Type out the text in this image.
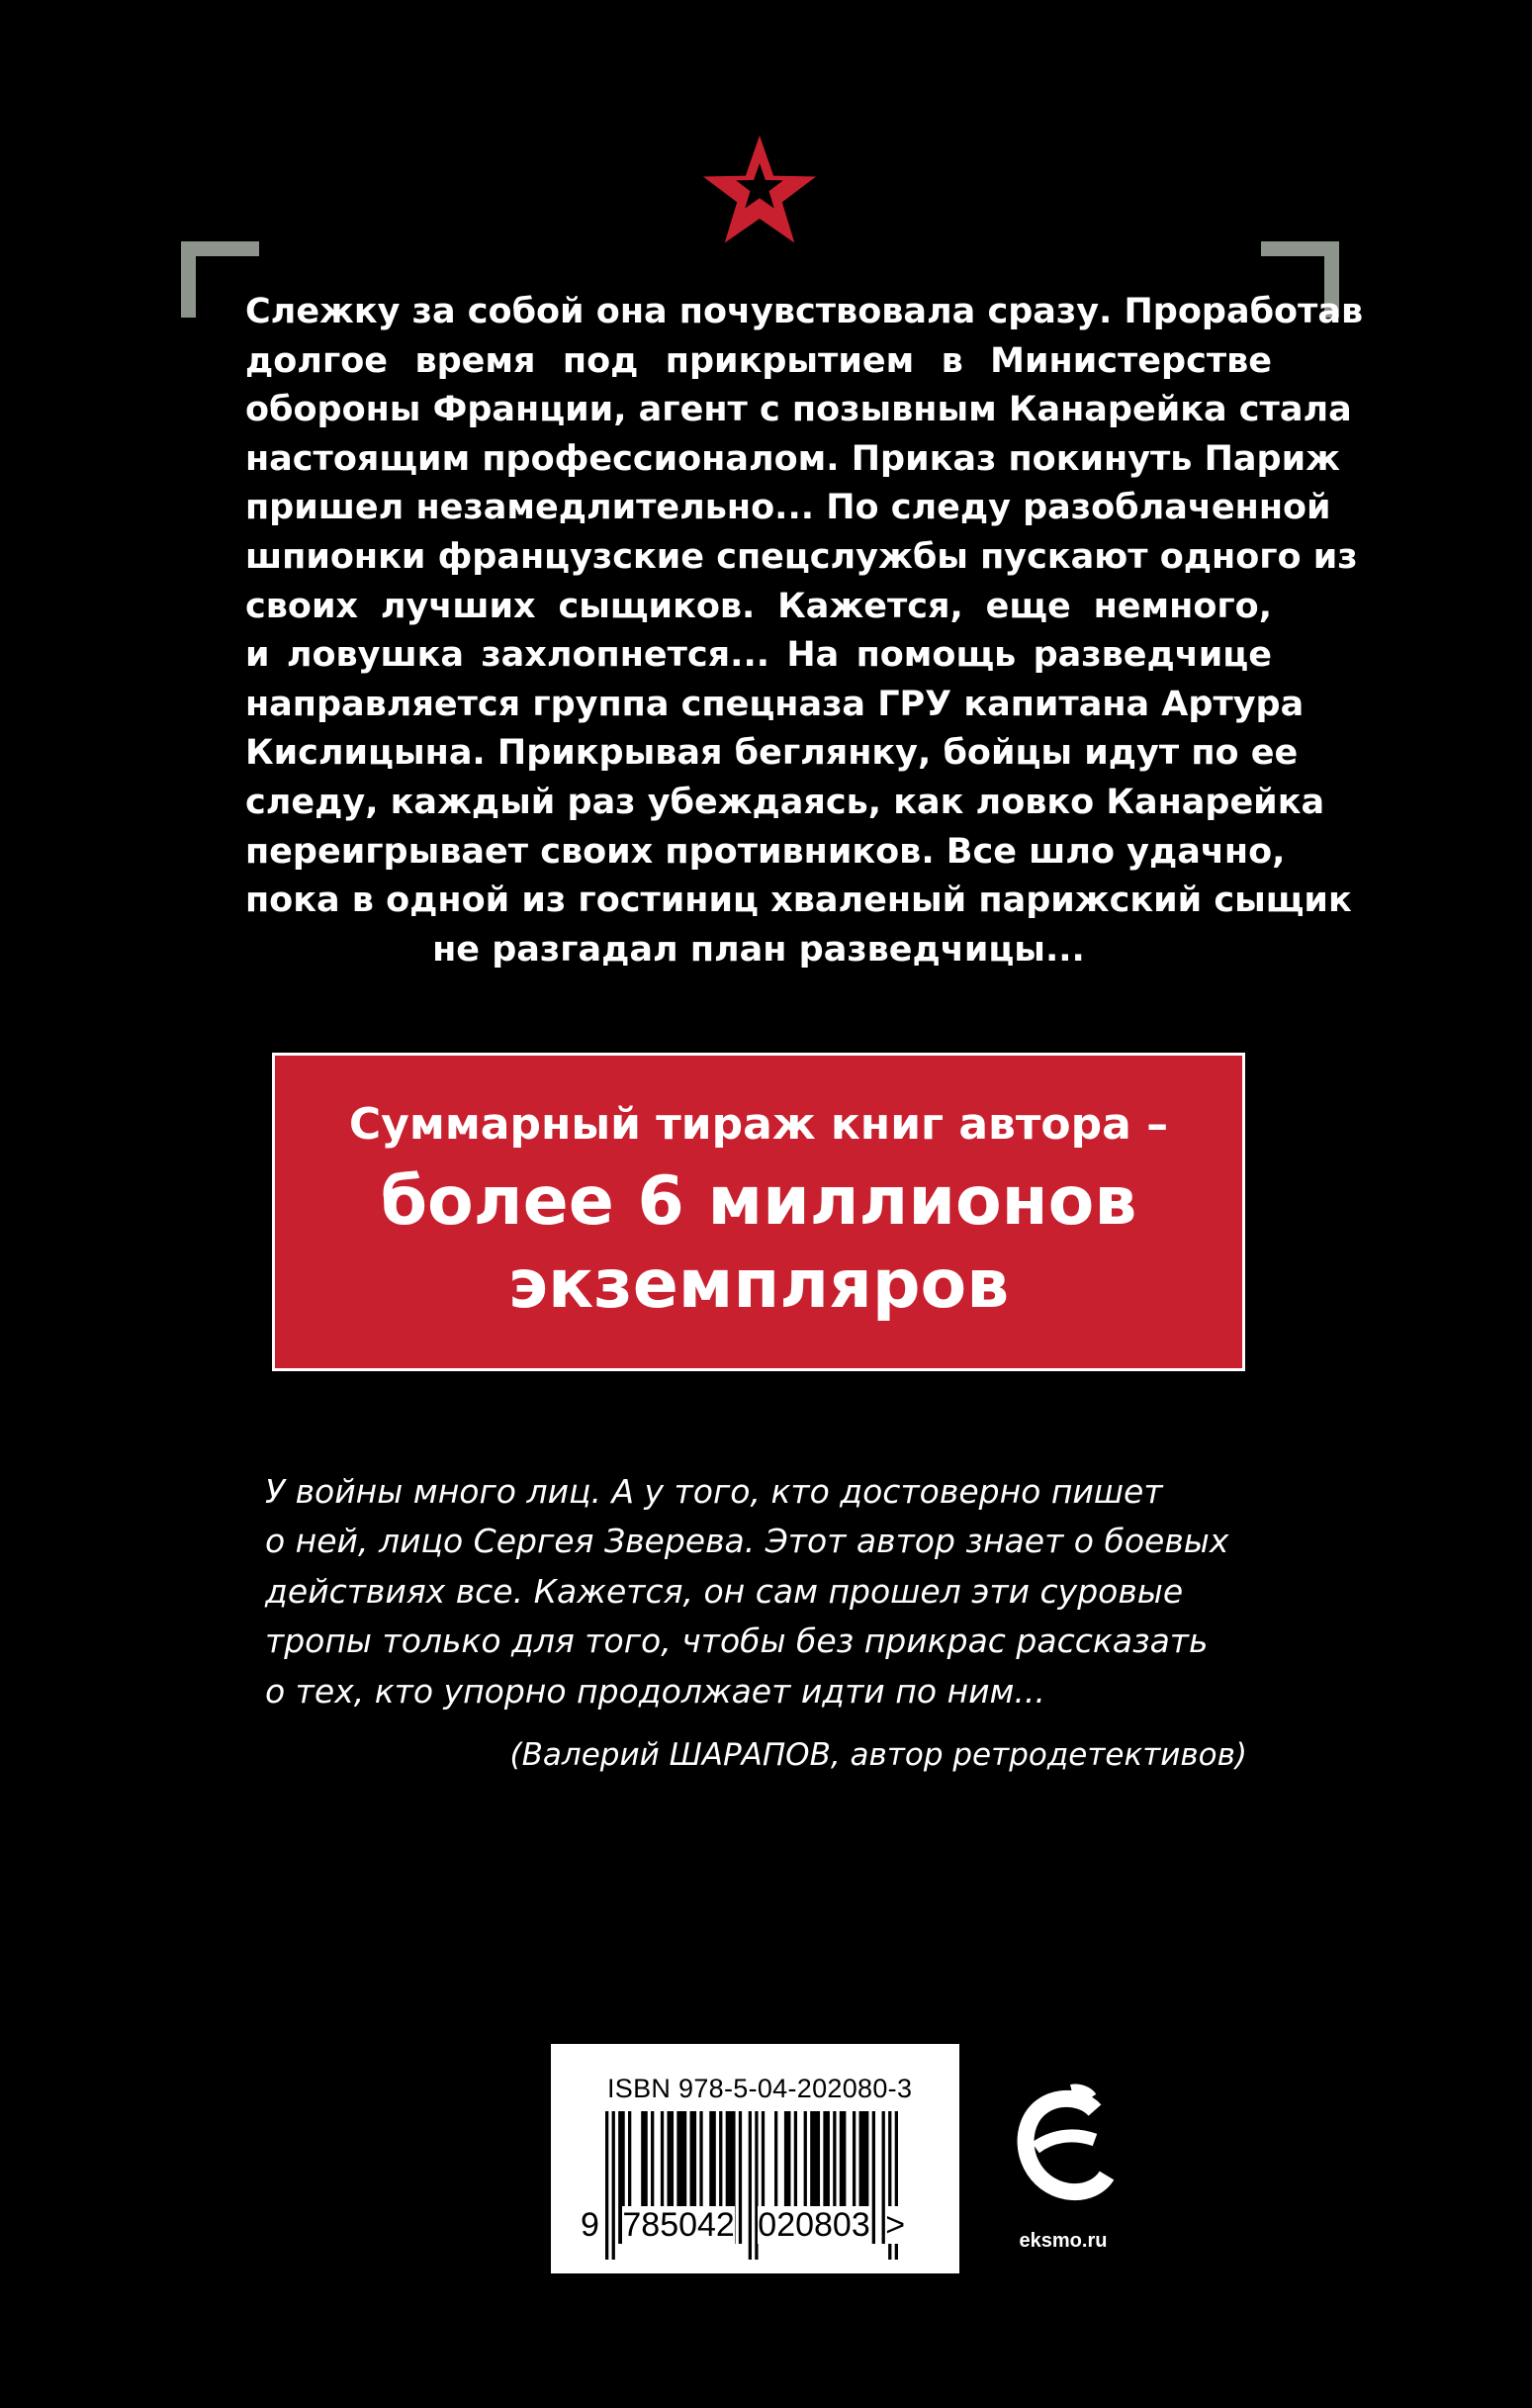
Слежку за собой она почувствовала сразу. Проработав
долгое время под прикрытием в Министерстве
обороны Франции, агент с позывным Канарейка стала
настоящим профессионалом. Приказ покинуть Париж
пришел незамедлительно... По следу разоблаченной
шпионки французские спецслужбы пускают одного из
своих лучших сыщиков. Кажется, еще немного,
и ловушка захлопнется... На помощь разведчице
направляется группа спецназа ГРУ капитана Артура
Кислицына. Прикрывая беглянку, бойцы идут по ее
следу, каждый раз убеждаясь, как ловко Канарейка
переигрывает своих противников. Все шло удачно,
пока в одной из гостиниц хваленый парижский сыщик
не разгадал план разведчицы...
Суммарный тираж книг автора –
более 6 миллионов
экземпляров
У войны много лиц. А у того, кто достоверно пишет
о ней, лицо Сергея Зверева. Этот автор знает о боевых
действиях все. Кажется, он сам прошел эти суровые
тропы только для того, чтобы без прикрас рассказать
о тех, кто упорно продолжает идти по ним...
(Валерий ШАРАПОВ, автор ретродетективов)
ISBN 978-5-04-202080-3
9 785042 020803 >	eksmo.ru
